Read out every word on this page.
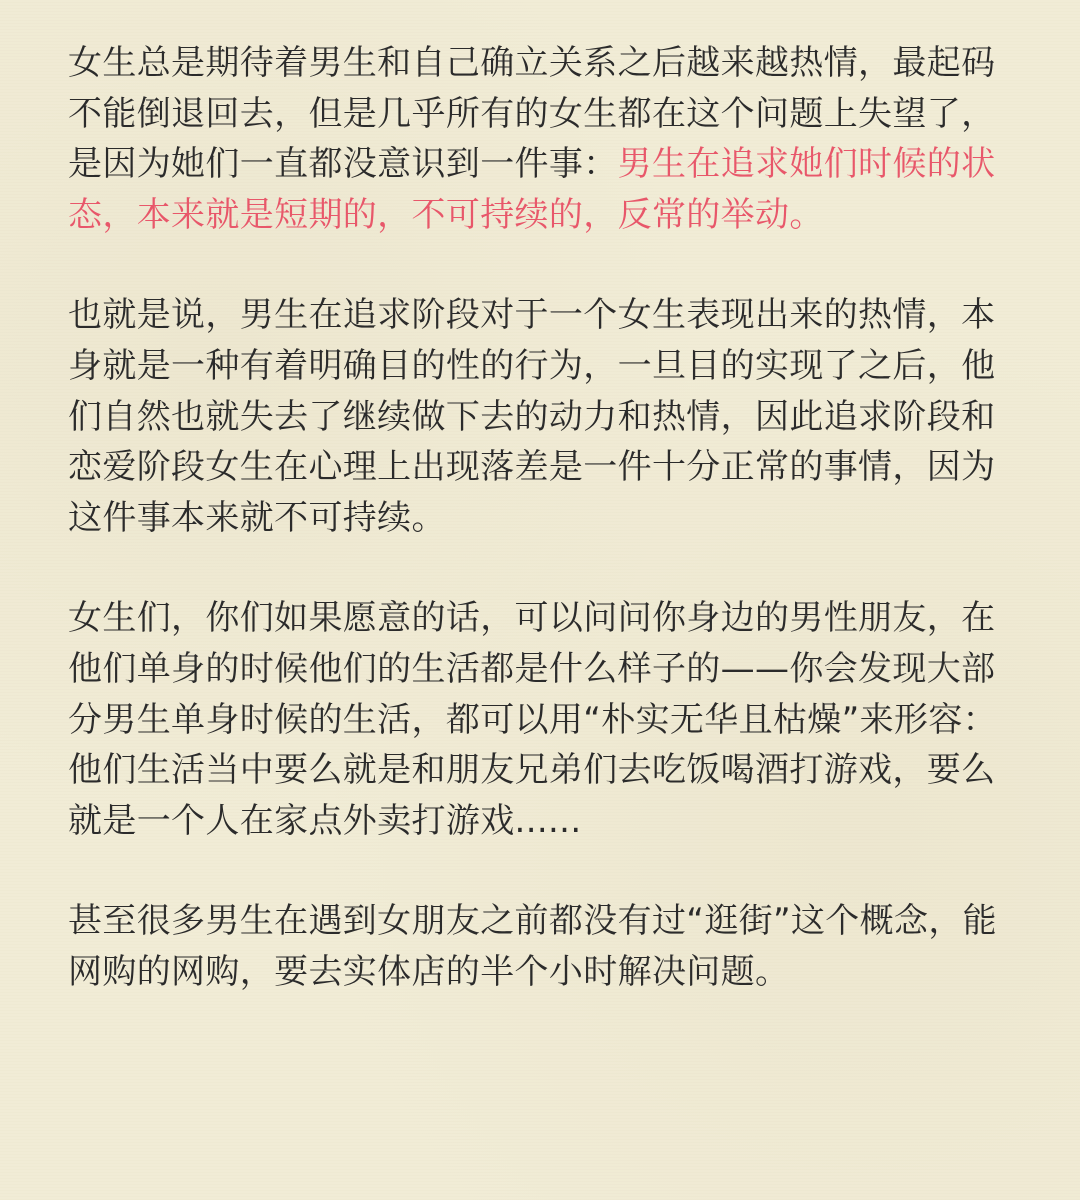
女生总是期待着男生和自己确立关系之后越来越热情，最起码不能倒退回去，但是几乎所有的女生都在这个问题上失望了，是因为她们一直都没意识到一件事：男生在追求她们时候的状态，本来就是短期的，不可持续的，反常的举动。

也就是说，男生在追求阶段对于一个女生表现出来的热情，本身就是一种有着明确目的性的行为，一旦目的实现了之后，他们自然也就失去了继续做下去的动力和热情，因此追求阶段和恋爱阶段女生在心理上出现落差是一件十分正常的事情，因为这件事本来就不可持续。

女生们，你们如果愿意的话，可以问问你身边的男性朋友，在他们单身的时候他们的生活都是什么样子的——你会发现大部分男生单身时候的生活，都可以用“朴实无华且枯燥”来形容：他们生活当中要么就是和朋友兄弟们去吃饭喝酒打游戏，要么就是一个人在家点外卖打游戏......

甚至很多男生在遇到女朋友之前都没有过“逛街”这个概念，能网购的网购，要去实体店的半个小时解决问题。
